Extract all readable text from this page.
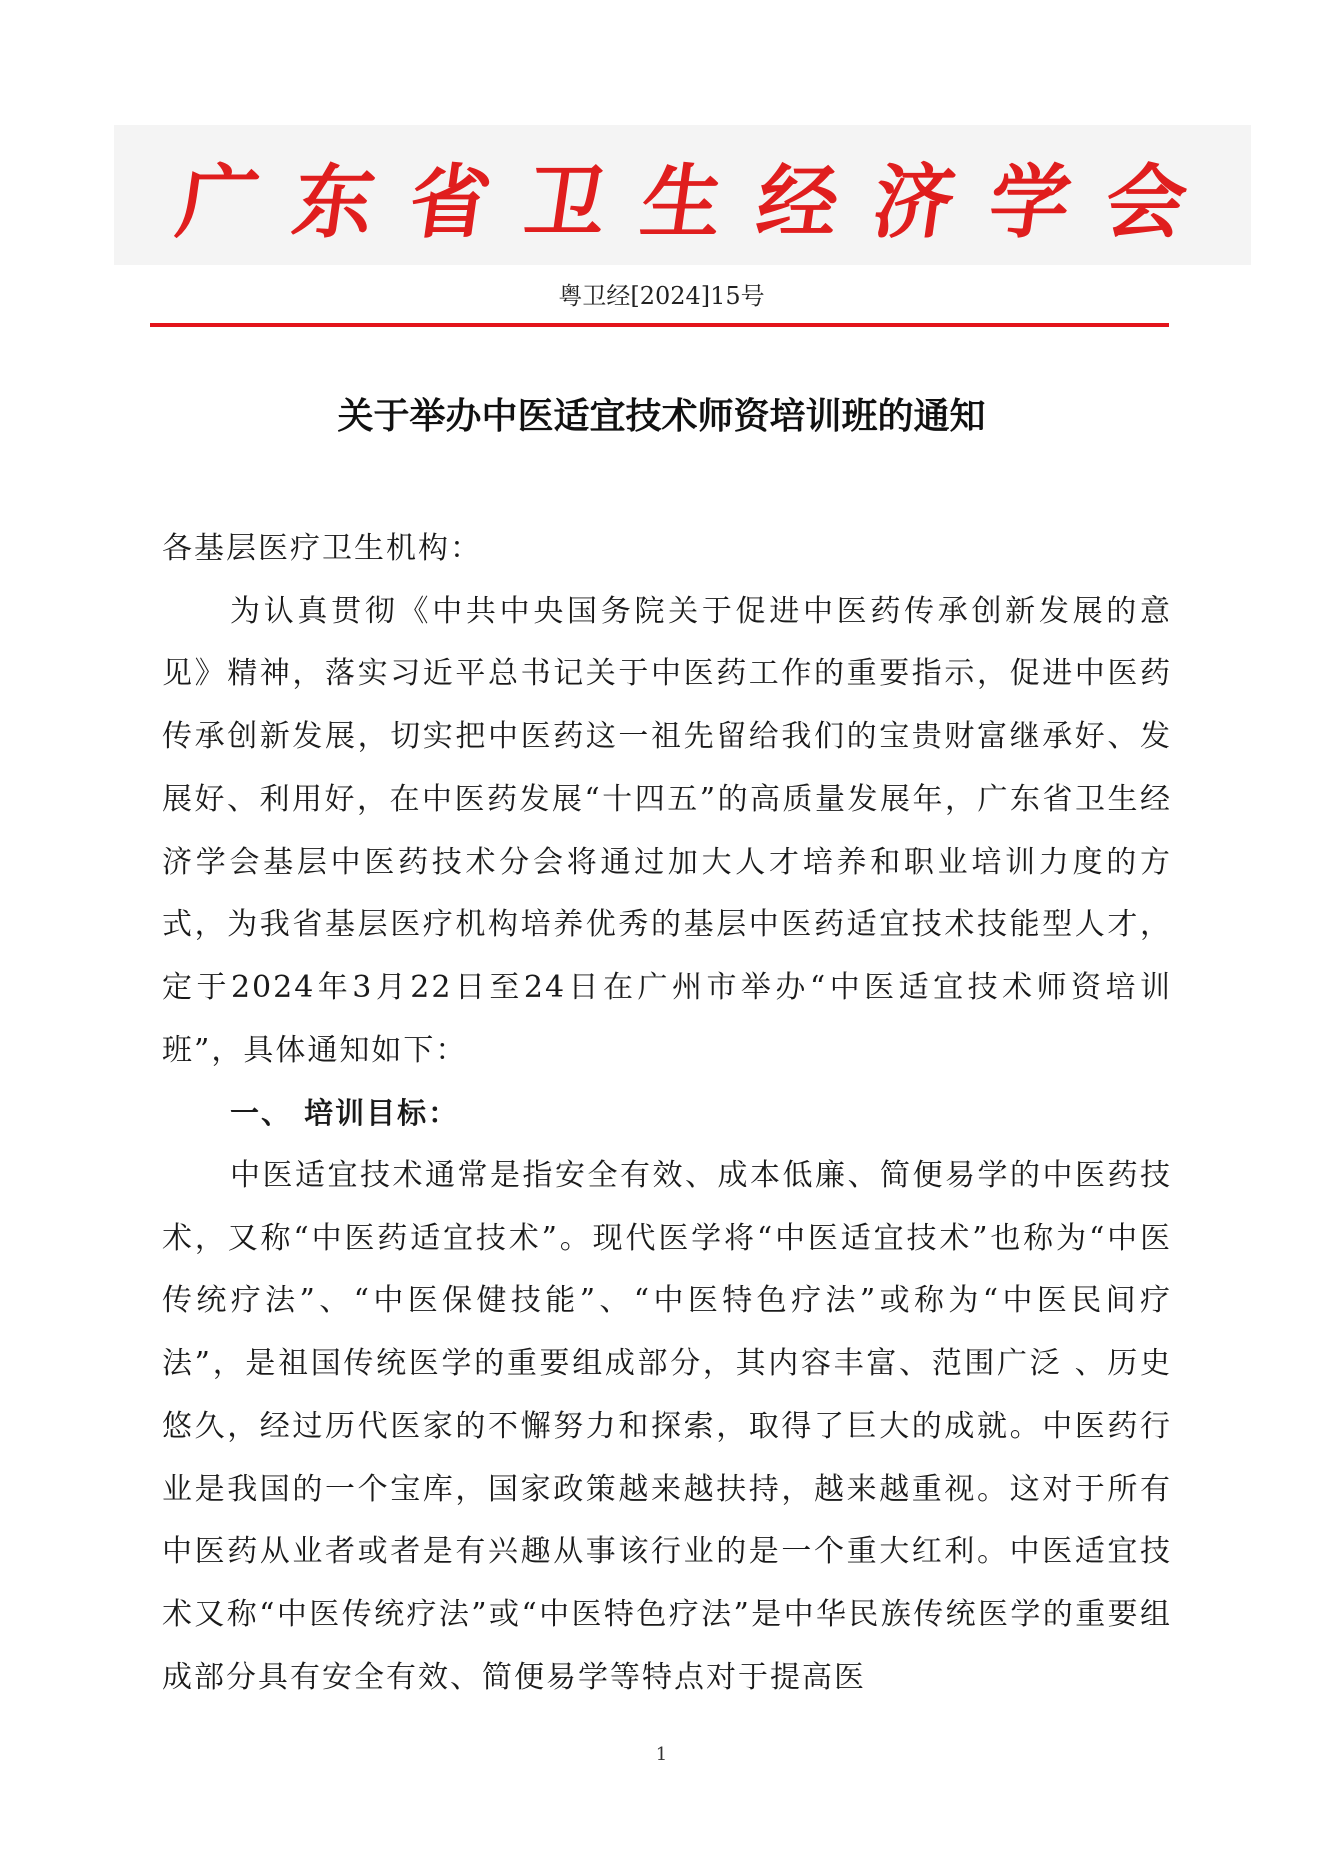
广东省卫生经济学会
粤卫经[2024]15号
关于举办中医适宜技术师资培训班的通知

各基层医疗卫生机构：

为认真贯彻《中共中央国务院关于促进中医药传承创新发展的意见》精神，落实习近平总书记关于中医药工作的重要指示，促进中医药传承创新发展，切实把中医药这一祖先留给我们的宝贵财富继承好、发展好、利用好，在中医药发展“十四五”的高质量发展年，广东省卫生经济学会基层中医药技术分会将通过加大人才培养和职业培训力度的方式，为我省基层医疗机构培养优秀的基层中医药适宜技术技能型人才，定于2024年3月22日至24日在广州市举办“中医适宜技术师资培训班”，具体通知如下：

一、 培训目标：

中医适宜技术通常是指安全有效、成本低廉、简便易学的中医药技术，又称“中医药适宜技术”。现代医学将“中医适宜技术”也称为“中医传统疗法”、“中医保健技能”、“中医特色疗法”或称为“中医民间疗法”，是祖国传统医学的重要组成部分，其内容丰富、范围广泛 、历史悠久，经过历代医家的不懈努力和探索，取得了巨大的成就。中医药行业是我国的一个宝库，国家政策越来越扶持，越来越重视。这对于所有中医药从业者或者是有兴趣从事该行业的是一个重大红利。中医适宜技术又称“中医传统疗法”或“中医特色疗法”是中华民族传统医学的重要组成部分具有安全有效、简便易学等特点对于提高医

1
